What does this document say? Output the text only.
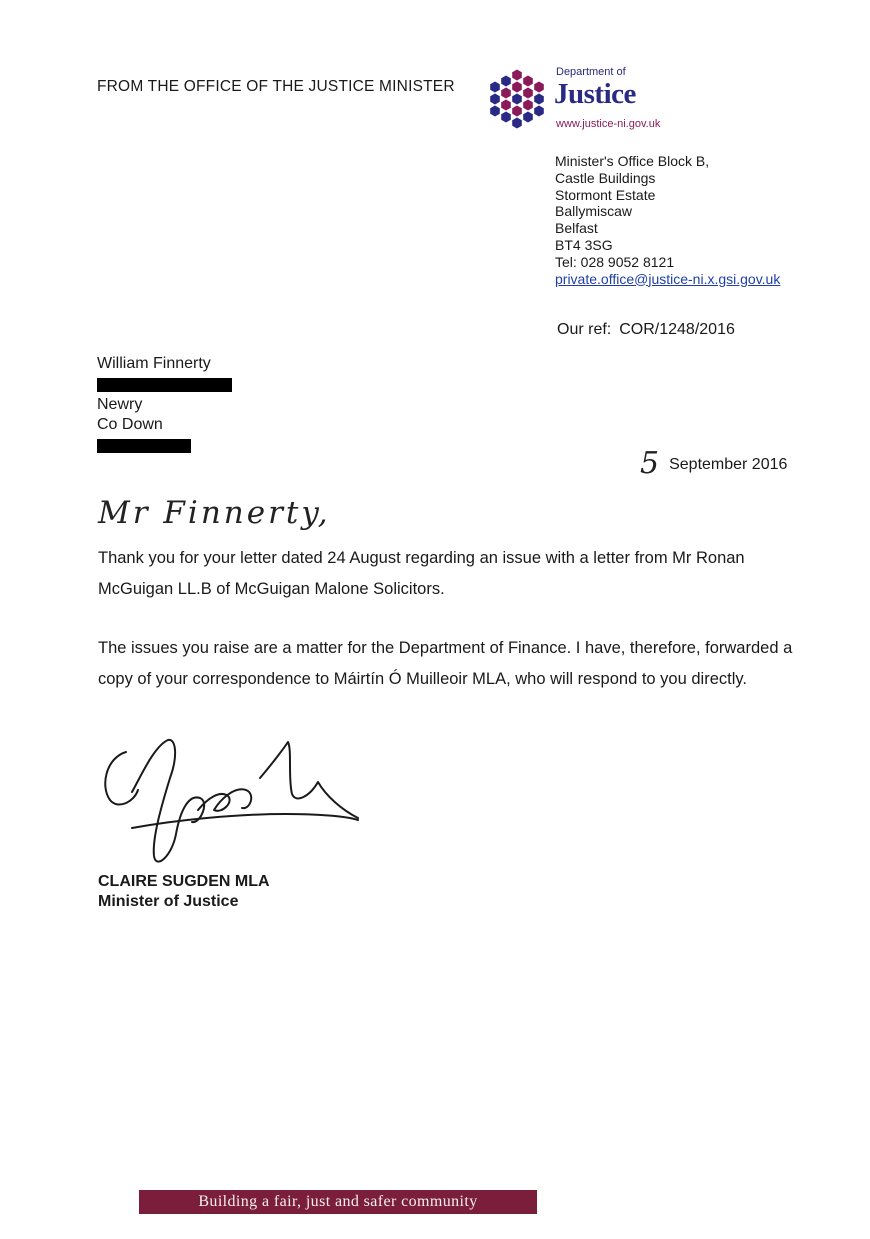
FROM THE OFFICE OF THE JUSTICE MINISTER
Department of
Justice
www.justice-ni.gov.uk
Minister's Office Block B,
Castle Buildings
Stormont Estate
Ballymiscaw
Belfast
BT4 3SG
Tel: 028 9052 8121
private.office@justice-ni.x.gsi.gov.uk
Our ref: COR/1248/2016
William Finnerty
Newry
Co Down
5 September 2016
Mr Finnerty,

Thank you for your letter dated 24 August regarding an issue with a letter from Mr Ronan McGuigan LL.B of McGuigan Malone Solicitors.

The issues you raise are a matter for the Department of Finance. I have, therefore, forwarded a copy of your correspondence to Máirtín Ó Muilleoir MLA, who will respond to you directly.

CLAIRE SUGDEN MLA
Minister of Justice
Building a fair, just and safer community
